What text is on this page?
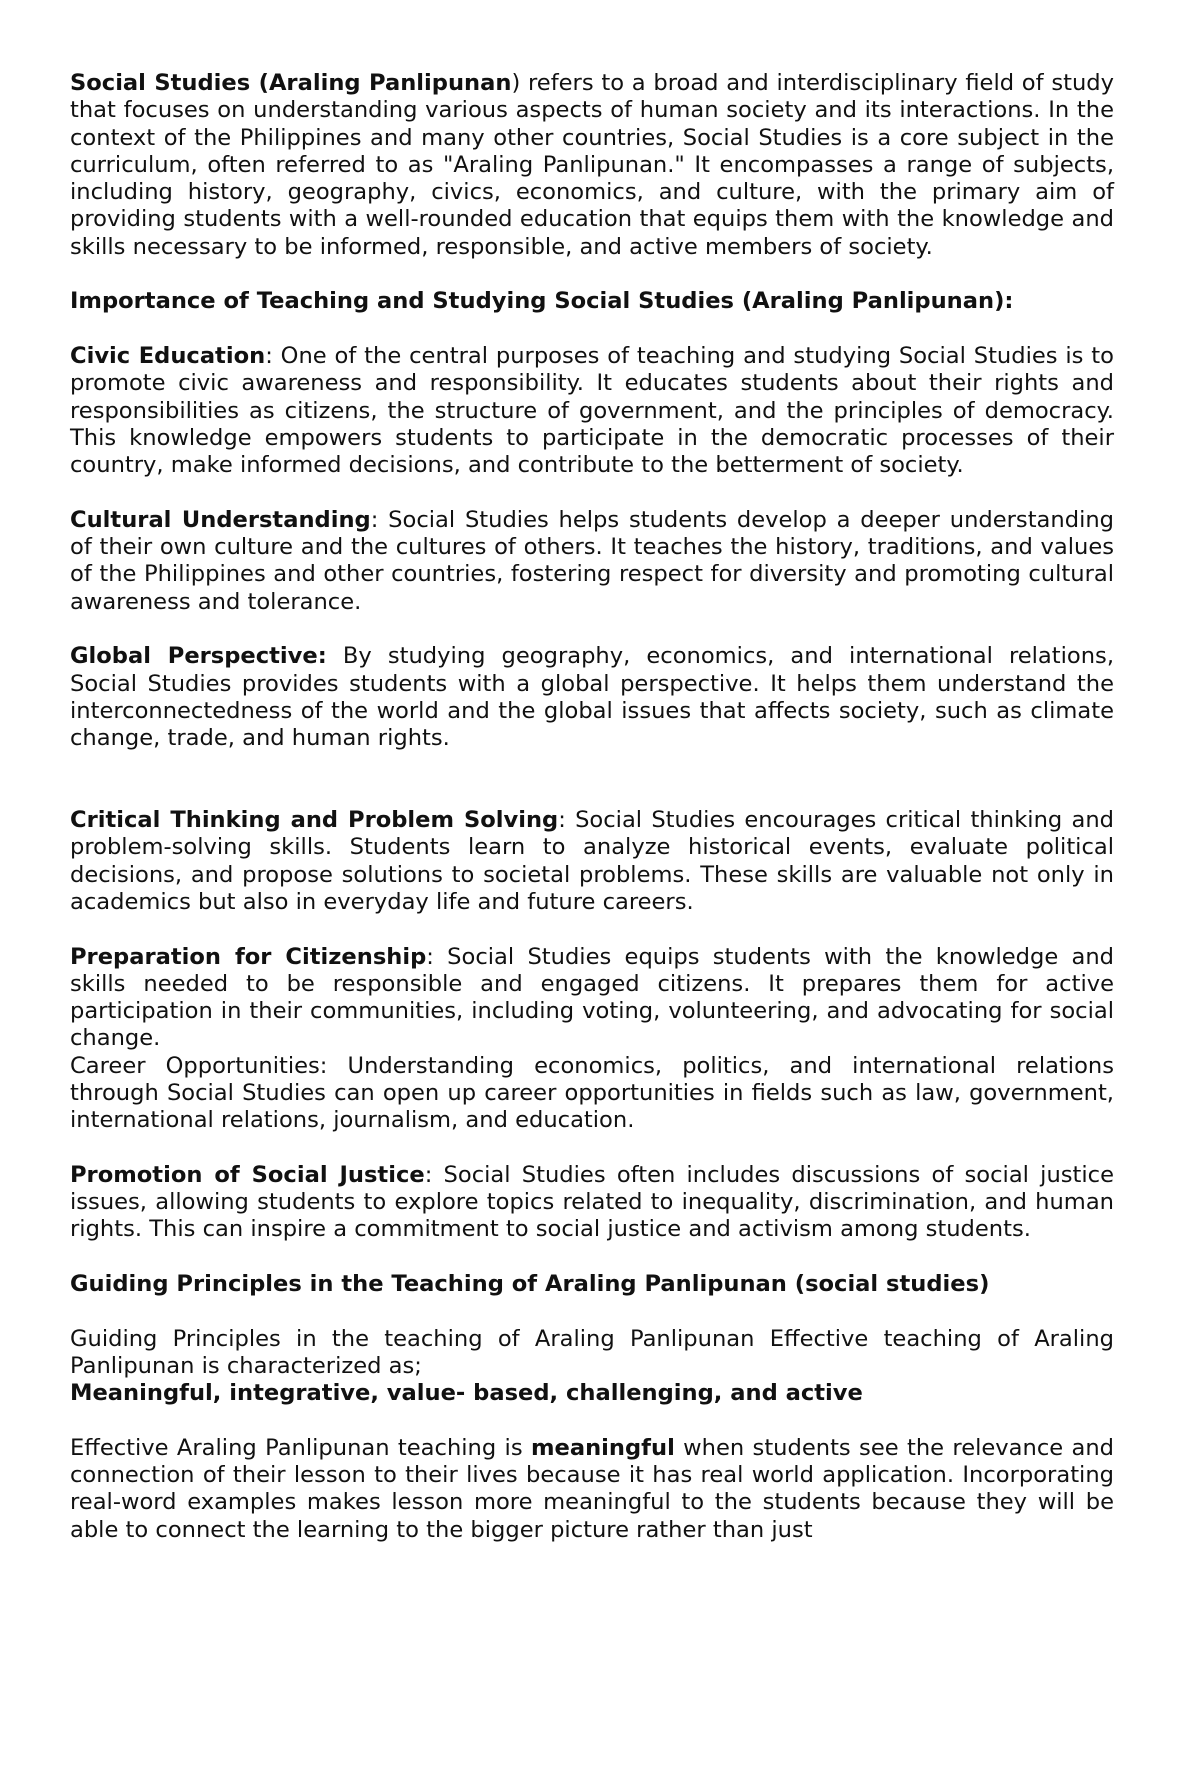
Social Studies (Araling Panlipunan) refers to a broad and interdisciplinary field of study that focuses on understanding various aspects of human society and its interactions. In the context of the Philippines and many other countries, Social Studies is a core subject in the curriculum, often referred to as "Araling Panlipunan." It encompasses a range of subjects, including history, geography, civics, economics, and culture, with the primary aim of providing students with a well-rounded education that equips them with the knowledge and skills necessary to be informed, responsible, and active members of society.

Importance of Teaching and Studying Social Studies (Araling Panlipunan):

Civic Education: One of the central purposes of teaching and studying Social Studies is to promote civic awareness and responsibility. It educates students about their rights and responsibilities as citizens, the structure of government, and the principles of democracy. This knowledge empowers students to participate in the democratic processes of their country, make informed decisions, and contribute to the betterment of society.

Cultural Understanding: Social Studies helps students develop a deeper understanding of their own culture and the cultures of others. It teaches the history, traditions, and values of the Philippines and other countries, fostering respect for diversity and promoting cultural awareness and tolerance.

Global Perspective: By studying geography, economics, and international relations, Social Studies provides students with a global perspective. It helps them understand the interconnectedness of the world and the global issues that affects society, such as climate change, trade, and human rights.

Critical Thinking and Problem Solving: Social Studies encourages critical thinking and problem-solving skills. Students learn to analyze historical events, evaluate political decisions, and propose solutions to societal problems. These skills are valuable not only in academics but also in everyday life and future careers.

Preparation for Citizenship: Social Studies equips students with the knowledge and skills needed to be responsible and engaged citizens. It prepares them for active participation in their communities, including voting, volunteering, and advocating for social change.

Career Opportunities: Understanding economics, politics, and international relations through Social Studies can open up career opportunities in fields such as law, government, international relations, journalism, and education.

Promotion of Social Justice: Social Studies often includes discussions of social justice issues, allowing students to explore topics related to inequality, discrimination, and human rights. This can inspire a commitment to social justice and activism among students.

Guiding Principles in the Teaching of Araling Panlipunan (social studies)

Guiding Principles in the teaching of Araling Panlipunan Effective teaching of Araling Panlipunan is characterized as;

Meaningful, integrative, value- based, challenging, and active

Effective Araling Panlipunan teaching is meaningful when students see the relevance and connection of their lesson to their lives because it has real world application. Incorporating real-word examples makes lesson more meaningful to the students because they will be able to connect the learning to the bigger picture rather than just
